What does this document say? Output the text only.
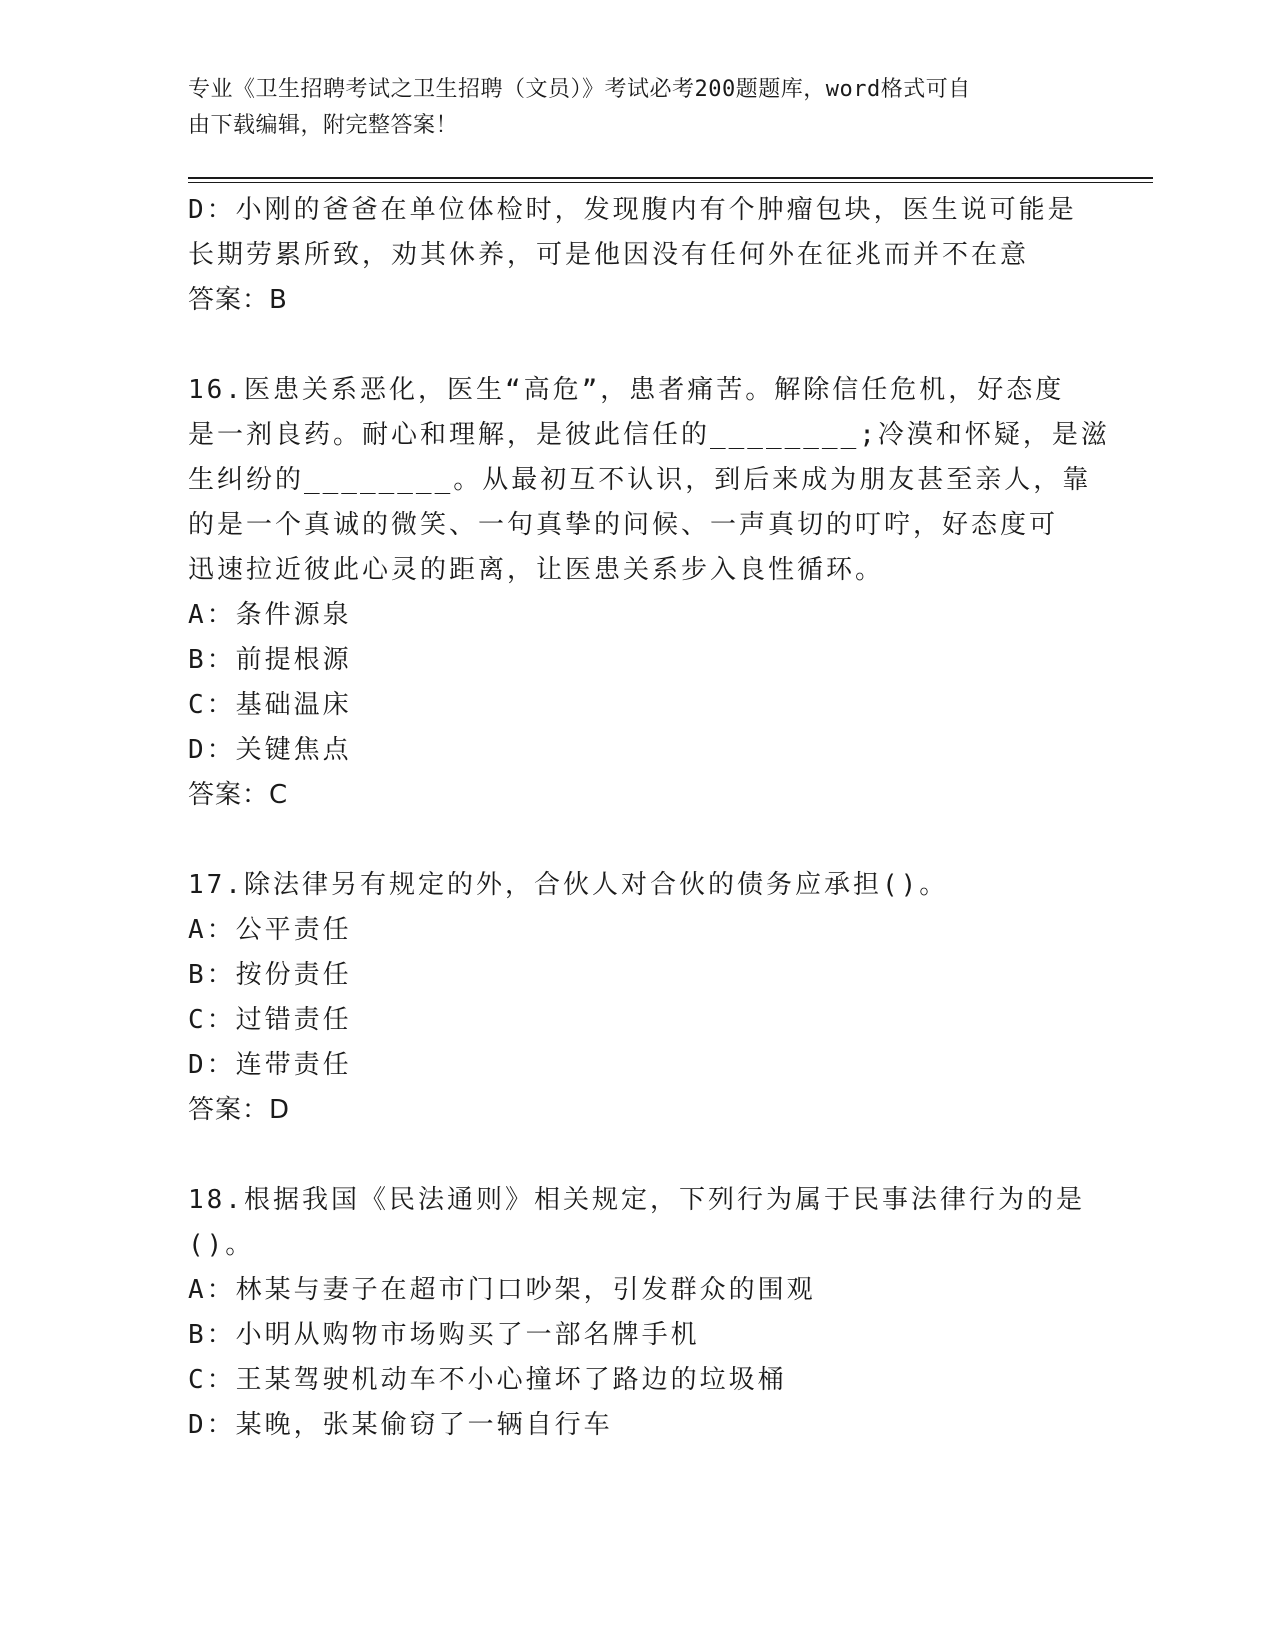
专业《卫生招聘考试之卫生招聘（文员）》考试必考200题题库，word格式可自
由下载编辑，附完整答案！

D：小刚的爸爸在单位体检时，发现腹内有个肿瘤包块，医生说可能是

长期劳累所致，劝其休养，可是他因没有任何外在征兆而并不在意

答案：B

16.医患关系恶化，医生“高危”，患者痛苦。解除信任危机，好态度

是一剂良药。耐心和理解，是彼此信任的________;冷漠和怀疑，是滋

生纠纷的________。从最初互不认识，到后来成为朋友甚至亲人，靠

的是一个真诚的微笑、一句真挚的问候、一声真切的叮咛，好态度可

迅速拉近彼此心灵的距离，让医患关系步入良性循环。

A：条件源泉

B：前提根源

C：基础温床

D：关键焦点

答案：C

17.除法律另有规定的外，合伙人对合伙的债务应承担()。

A：公平责任

B：按份责任

C：过错责任

D：连带责任

答案：D

18.根据我国《民法通则》相关规定，下列行为属于民事法律行为的是

()。

A：林某与妻子在超市门口吵架，引发群众的围观

B：小明从购物市场购买了一部名牌手机

C：王某驾驶机动车不小心撞坏了路边的垃圾桶

D：某晚，张某偷窃了一辆自行车
